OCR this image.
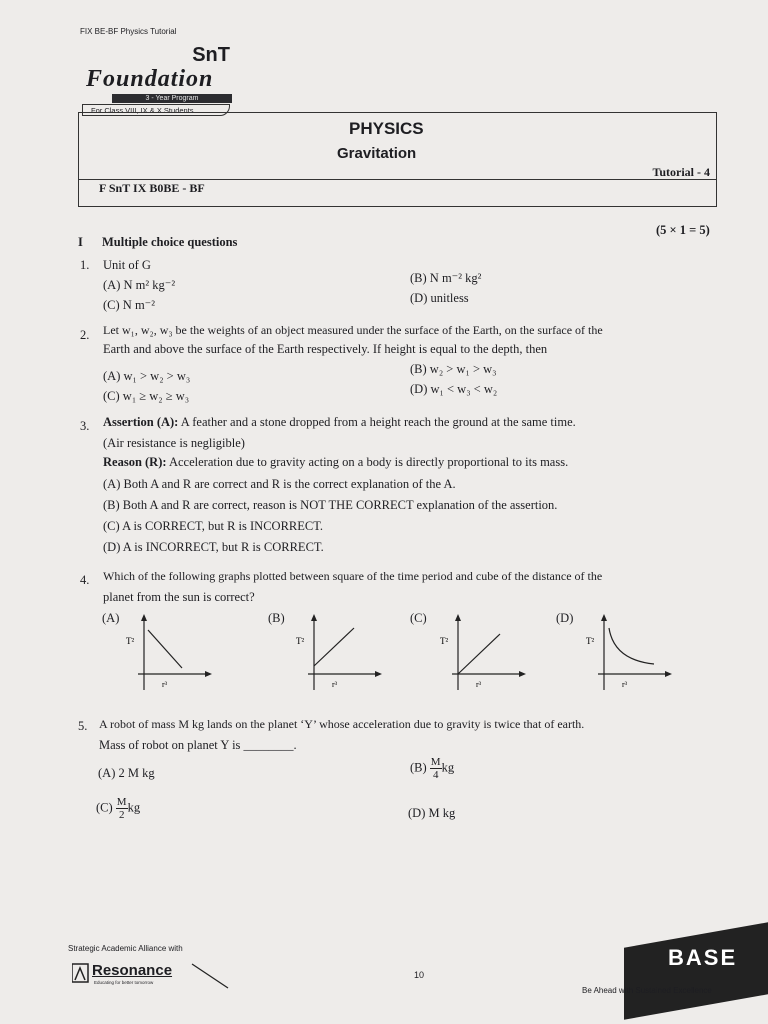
FIX BE-BF Physics Tutorial
SnT
Foundation
3 - Year Program
For Class VIII, IX & X Students
PHYSICS
Gravitation
Tutorial - 4
F SnT IX B0BE - BF
I Multiple choice questions
(5 × 1 = 5)
1. Unit of G
(A) N m² kg⁻²	(B) N m⁻² kg²
(C) N m⁻²	(D) unitless
2. Let w₁, w₂, w₃ be the weights of an object measured under the surface of the Earth, on the surface of the
Earth and above the surface of the Earth respectively. If height is equal to the depth, then
(A) w₁ > w₂ > w₃	(B) w₂ > w₁ > w₃
(C) w₁ ≥ w₂ ≥ w₃	(D) w₁ < w₃ < w₂
3. Assertion (A): A feather and a stone dropped from a height reach the ground at the same time.
(Air resistance is negligible)
Reason (R): Acceleration due to gravity acting on a body is directly proportional to its mass.
(A) Both A and R are correct and R is the correct explanation of the A.
(B) Both A and R are correct, reason is NOT THE CORRECT explanation of the assertion.
(C) A is CORRECT, but R is INCORRECT.
(D) A is INCORRECT, but R is CORRECT.
4. Which of the following graphs plotted between square of the time period and cube of the distance of the
planet from the sun is correct?
(A)	(B)	(C)	(D)
T²
r³
T²
r³
T²
r³
T²
r³
5. A robot of mass M kg lands on the planet ‘Y’ whose acceleration due to gravity is twice that of earth.
Mass of robot on planet Y is ________.
(A) 2 M kg	$(B) \frac{M}{4}$ kg
$(C) \frac{M}{2}$ kg	(D) M kg
Strategic Academic Alliance with
Resonance
Educating for better tomorrow
10
BASE
Be Ahead with Sustained Excellence
